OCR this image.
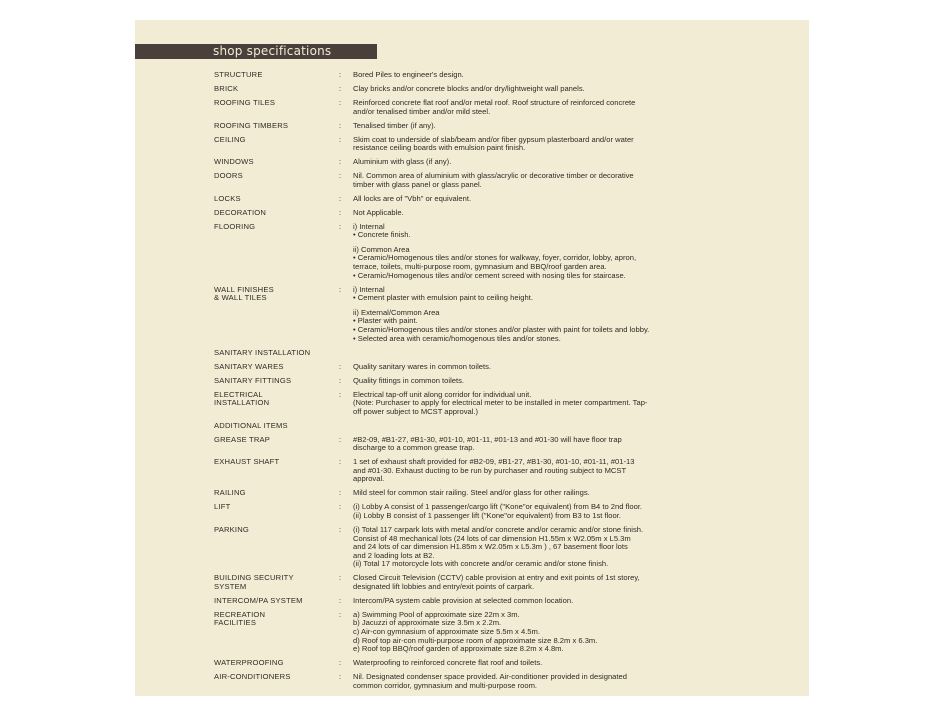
shop specifications
STRUCTURE	:	Bored Piles to engineer's design.
BRICK	:	Clay bricks and/or concrete blocks and/or dry/lightweight wall panels.
ROOFING TILES	:	Reinforced concrete flat roof and/or metal roof. Roof structure of reinforced concrete
and/or tenalised timber and/or mild steel.
ROOFING TIMBERS	:	Tenalised timber (if any).
CEILING	:	Skim coat to underside of slab/beam and/or fiber gypsum plasterboard and/or water
resistance ceiling boards with emulsion paint finish.
WINDOWS	:	Aluminium with glass (if any).
DOORS	:	Nil. Common area of aluminium with glass/acrylic or decorative timber or decorative
timber with glass panel or glass panel.
LOCKS	:	All locks are of "Vbh" or equivalent.
DECORATION	:	Not Applicable.
FLOORING	:	i) Internal
• Concrete finish.
ii) Common Area
• Ceramic/Homogenous tiles and/or stones for walkway, foyer, corridor, lobby, apron,
terrace, toilets, multi-purpose room, gymnasium and BBQ/roof garden area.
• Ceramic/Homogenous tiles and/or cement screed with nosing tiles for staircase.
WALL FINISHES
& WALL TILES
:	i) Internal
• Cement plaster with emulsion paint to ceiling height.
ii) External/Common Area
• Plaster with paint.
• Ceramic/Homogenous tiles and/or stones and/or plaster with paint for toilets and lobby.
• Selected area with ceramic/homogenous tiles and/or stones.
SANITARY INSTALLATION
SANITARY WARES	:	Quality sanitary wares in common toilets.
SANITARY FITTINGS	:	Quality fittings in common toilets.
ELECTRICAL
INSTALLATION
:	Electrical tap-off unit along corridor for individual unit.
(Note: Purchaser to apply for electrical meter to be installed in meter compartment. Tap-
off power subject to MCST approval.)
ADDITIONAL ITEMS
GREASE TRAP	:	#B2-09, #B1-27, #B1-30, #01-10, #01-11, #01-13 and #01-30 will have floor trap
discharge to a common grease trap.
EXHAUST SHAFT	:	1 set of exhaust shaft provided for #B2-09, #B1-27, #B1-30, #01-10, #01-11, #01-13
and #01-30. Exhaust ducting to be run by purchaser and routing subject to MCST
approval.
RAILING	:	Mild steel for common stair railing. Steel and/or glass for other railings.
LIFT	:	(i) Lobby A consist of 1 passenger/cargo lift ("Kone"or equivalent) from B4 to 2nd floor.
(ii) Lobby B consist of 1 passenger lift ("Kone"or equivalent) from B3 to 1st floor.
PARKING	:	(i) Total 117 carpark lots with metal and/or concrete and/or ceramic and/or stone finish.
Consist of 48 mechanical lots (24 lots of car dimension H1.55m x W2.05m x L5.3m
and 24 lots of car dimension H1.85m x W2.05m x L5.3m ) , 67 basement floor lots
and 2 loading lots at B2.
(ii) Total 17 motorcycle lots with concrete and/or ceramic and/or stone finish.
BUILDING SECURITY
SYSTEM
:	Closed Circuit Television (CCTV) cable provision at entry and exit points of 1st storey,
designated lift lobbies and entry/exit points of carpark.
INTERCOM/PA SYSTEM	:	Intercom/PA system cable provision at selected common location.
RECREATION
FACILITIES
:	a) Swimming Pool of approximate size 22m x 3m.
b) Jacuzzi of approximate size 3.5m x 2.2m.
c) Air-con gymnasium of approximate size 5.5m x 4.5m.
d) Roof top air-con multi-purpose room of approximate size 8.2m x 6.3m.
e) Roof top BBQ/roof garden of approximate size 8.2m x 4.8m.
WATERPROOFING	:	Waterproofing to reinforced concrete flat roof and toilets.
AIR-CONDITIONERS	:	Nil. Designated condenser space provided. Air-conditioner provided in designated
common corridor, gymnasium and multi-purpose room.
